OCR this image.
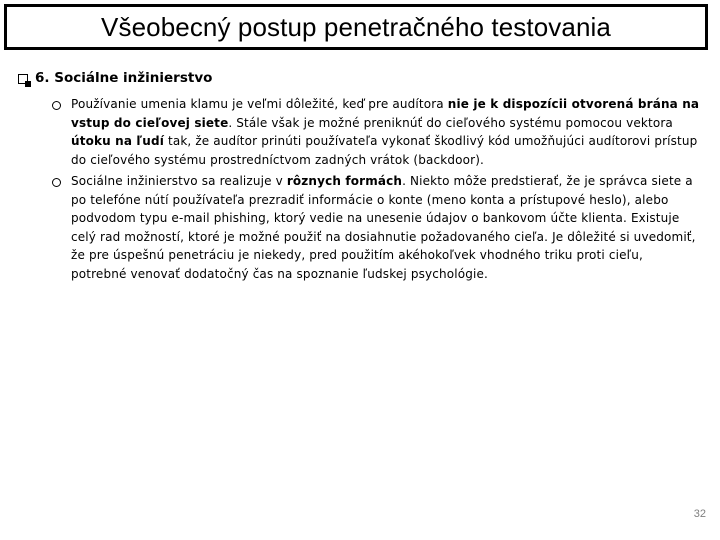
Všeobecný postup penetračného testovania
6. Sociálne inžinierstvo
Používanie umenia klamu je veľmi dôležité, keď pre audítora nie je k dispozícii otvorená brána na vstup do cieľovej siete. Stále však je možné preniknúť do cieľového systému pomocou vektora útoku na ľudí tak, že audítor prinúti používateľa vykonať škodlivý kód umožňujúci audítorovi prístup do cieľového systému prostredníctvom zadných vrátok (backdoor).
Sociálne inžinierstvo sa realizuje v rôznych formách. Niekto môže predstierať, že je správca siete a po telefóne nútí používateľa prezradiť informácie o konte (meno konta a prístupové heslo), alebo podvodom typu e-mail phishing, ktorý vedie na unesenie údajov o bankovom účte klienta. Existuje celý rad možností, ktoré je možné použiť na dosiahnutie požadovaného cieľa. Je dôležité si uvedomiť, že pre úspešnú penetráciu je niekedy, pred použitím akéhokoľvek vhodného triku proti cieľu, potrebné venovať dodatočný čas na spoznanie ľudskej psychológie.
32
